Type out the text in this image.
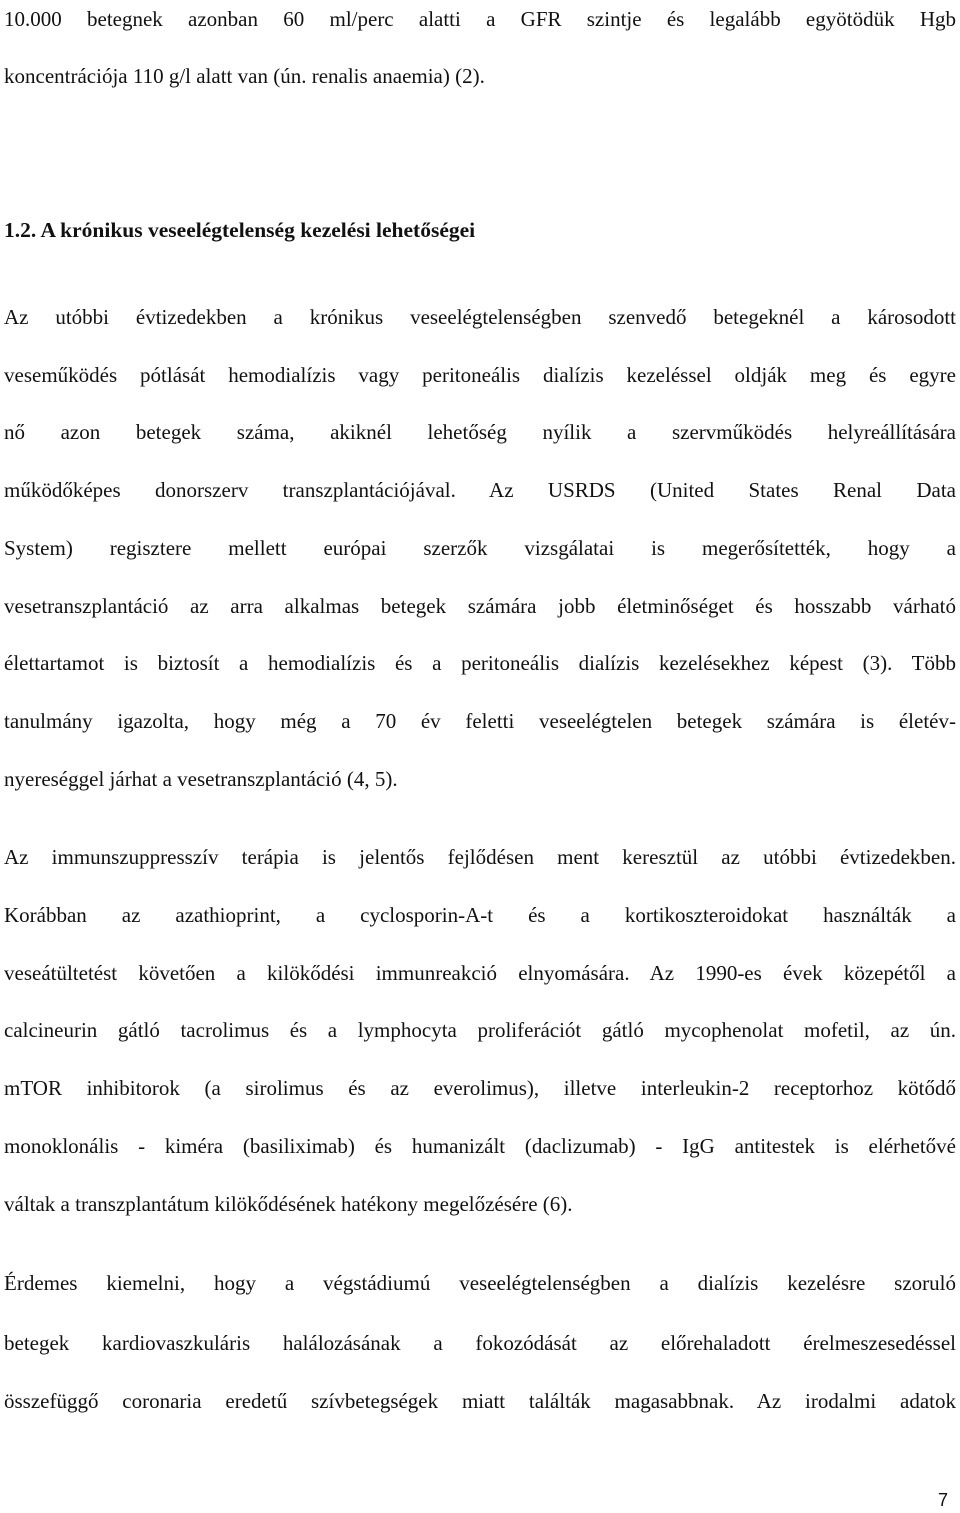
10.000 betegnek azonban 60 ml/perc alatti a GFR szintje és legalább egyötödük Hgb
koncentrációja 110 g/l alatt van (ún. renalis anaemia) (2).
1.2. A krónikus veseelégtelenség kezelési lehetőségei
Az utóbbi évtizedekben a krónikus veseelégtelenségben szenvedő betegeknél a károsodott
veseműködés pótlását hemodialízis vagy peritoneális dialízis kezeléssel oldják meg és egyre
nő azon betegek száma, akiknél lehetőség nyílik a szervműködés helyreállítására
működőképes donorszerv transzplantációjával. Az USRDS (United States Renal Data
System) regisztere mellett európai szerzők vizsgálatai is megerősítették, hogy a
vesetranszplantáció az arra alkalmas betegek számára jobb életminőséget és hosszabb várható
élettartamot is biztosít a hemodialízis és a peritoneális dialízis kezelésekhez képest (3). Több
tanulmány igazolta, hogy még a 70 év feletti veseelégtelen betegek számára is életév-
nyereséggel járhat a vesetranszplantáció (4, 5).
Az immunszuppresszív terápia is jelentős fejlődésen ment keresztül az utóbbi évtizedekben.
Korábban az azathioprint, a cyclosporin-A-t és a kortikoszteroidokat használták a
veseátültetést követően a kilökődési immunreakció elnyomására. Az 1990-es évek közepétől a
calcineurin gátló tacrolimus és a lymphocyta proliferációt gátló mycophenolat mofetil, az ún.
mTOR inhibitorok (a sirolimus és az everolimus), illetve interleukin-2 receptorhoz kötődő
monoklonális - kiméra (basiliximab) és humanizált (daclizumab) - IgG antitestek is elérhetővé
váltak a transzplantátum kilökődésének hatékony megelőzésére (6).
Érdemes kiemelni, hogy a végstádiumú veseelégtelenségben a dialízis kezelésre szoruló
betegek kardiovaszkuláris halálozásának a fokozódását az előrehaladott érelmeszesedéssel
összefüggő coronaria eredetű szívbetegségek miatt találták magasabbnak. Az irodalmi adatok
7
